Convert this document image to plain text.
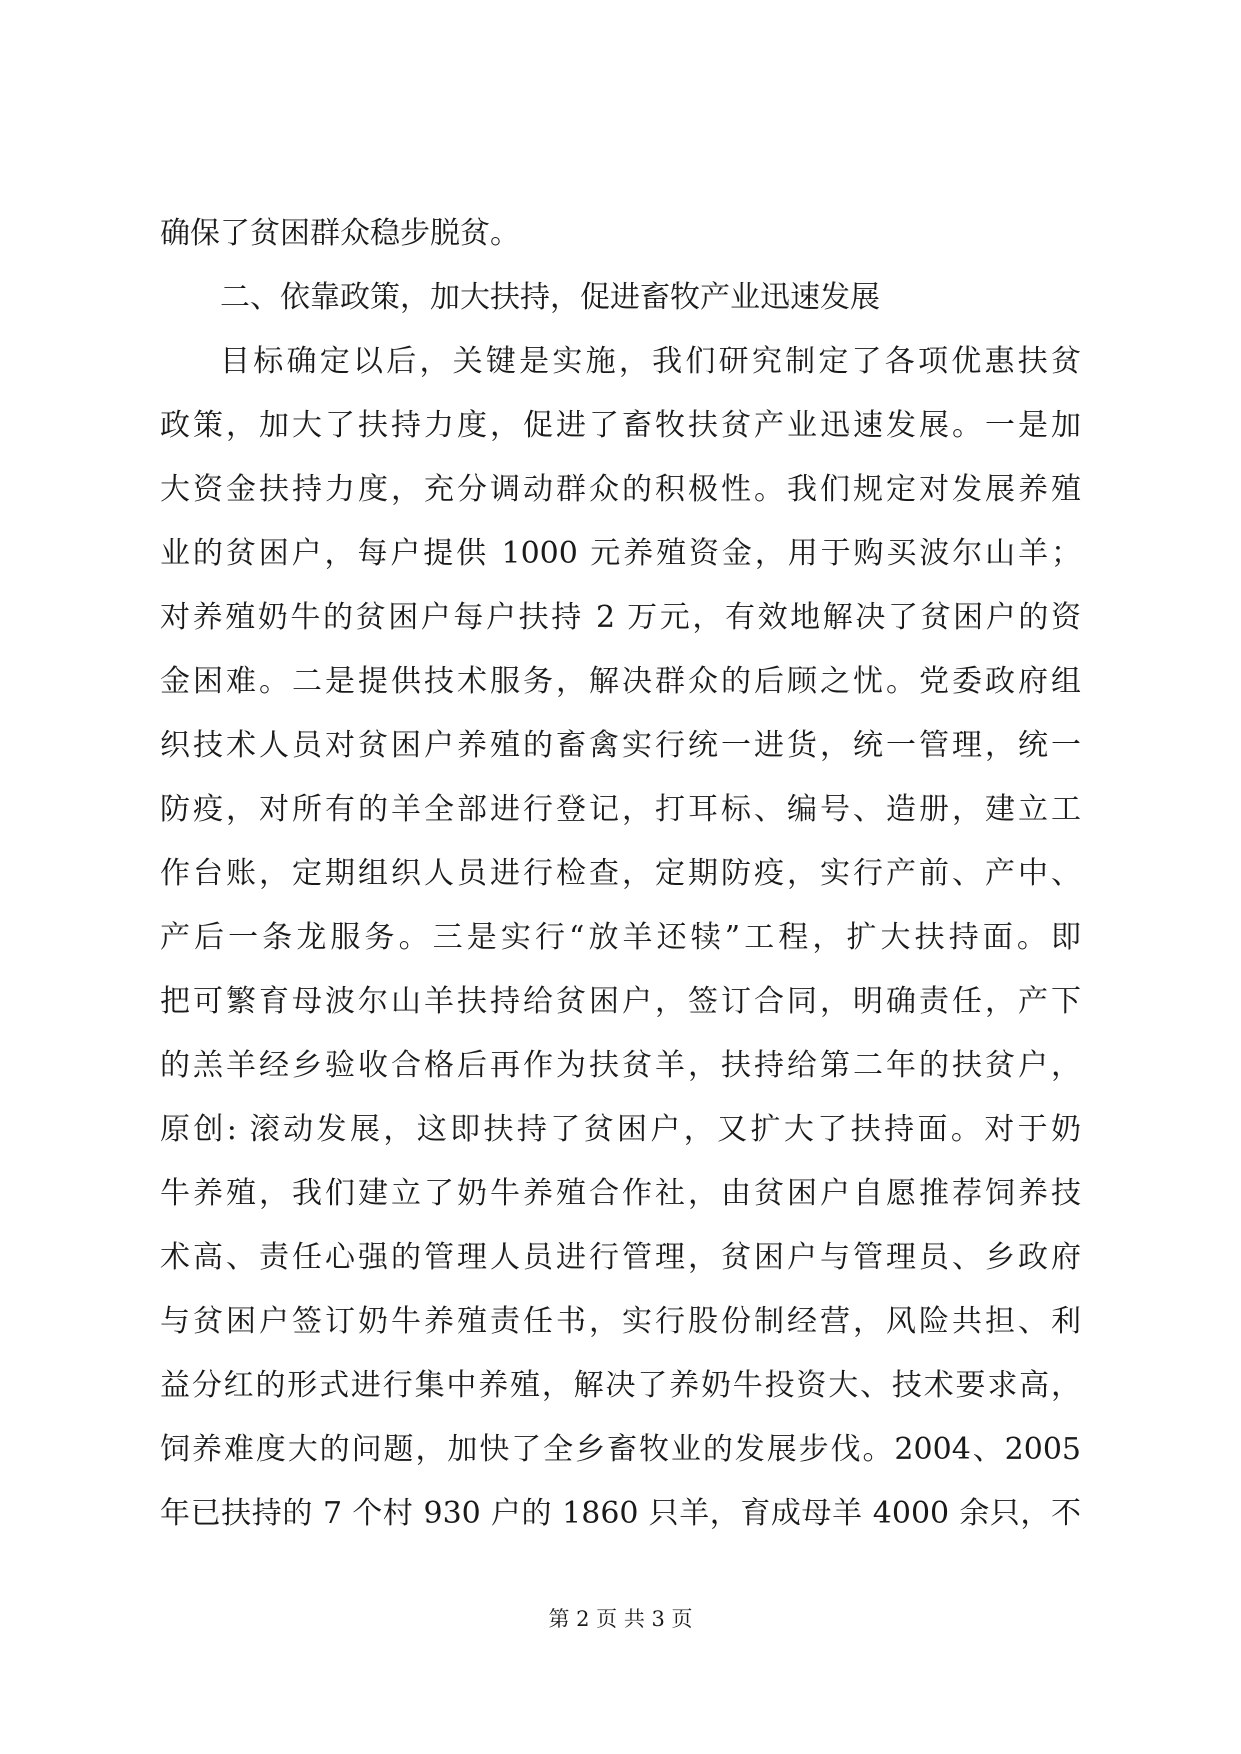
确保了贫困群众稳步脱贫。
二、依靠政策，加大扶持，促进畜牧产业迅速发展
目标确定以后，关键是实施，我们研究制定了各项优惠扶贫
政策，加大了扶持力度，促进了畜牧扶贫产业迅速发展。一是加
大资金扶持力度，充分调动群众的积极性。我们规定对发展养殖
业的贫困户，每户提供 1000 元养殖资金，用于购买波尔山羊；
对养殖奶牛的贫困户每户扶持 2 万元，有效地解决了贫困户的资
金困难。二是提供技术服务，解决群众的后顾之忧。党委政府组
织技术人员对贫困户养殖的畜禽实行统一进货，统一管理，统一
防疫，对所有的羊全部进行登记，打耳标、编号、造册，建立工
作台账，定期组织人员进行检查，定期防疫，实行产前、产中、
产后一条龙服务。三是实行“放羊还犊”工程，扩大扶持面。即
把可繁育母波尔山羊扶持给贫困户，签订合同，明确责任，产下
的羔羊经乡验收合格后再作为扶贫羊，扶持给第二年的扶贫户，
原创: 滚动发展，这即扶持了贫困户，又扩大了扶持面。对于奶
牛养殖，我们建立了奶牛养殖合作社，由贫困户自愿推荐饲养技
术高、责任心强的管理人员进行管理，贫困户与管理员、乡政府
与贫困户签订奶牛养殖责任书，实行股份制经营，风险共担、利
益分红的形式进行集中养殖，解决了养奶牛投资大、技术要求高，
饲养难度大的问题，加快了全乡畜牧业的发展步伐。2004、2005
年已扶持的 7 个村 930 户的 1860 只羊，育成母羊 4000 余只，不
第 2 页 共 3 页
